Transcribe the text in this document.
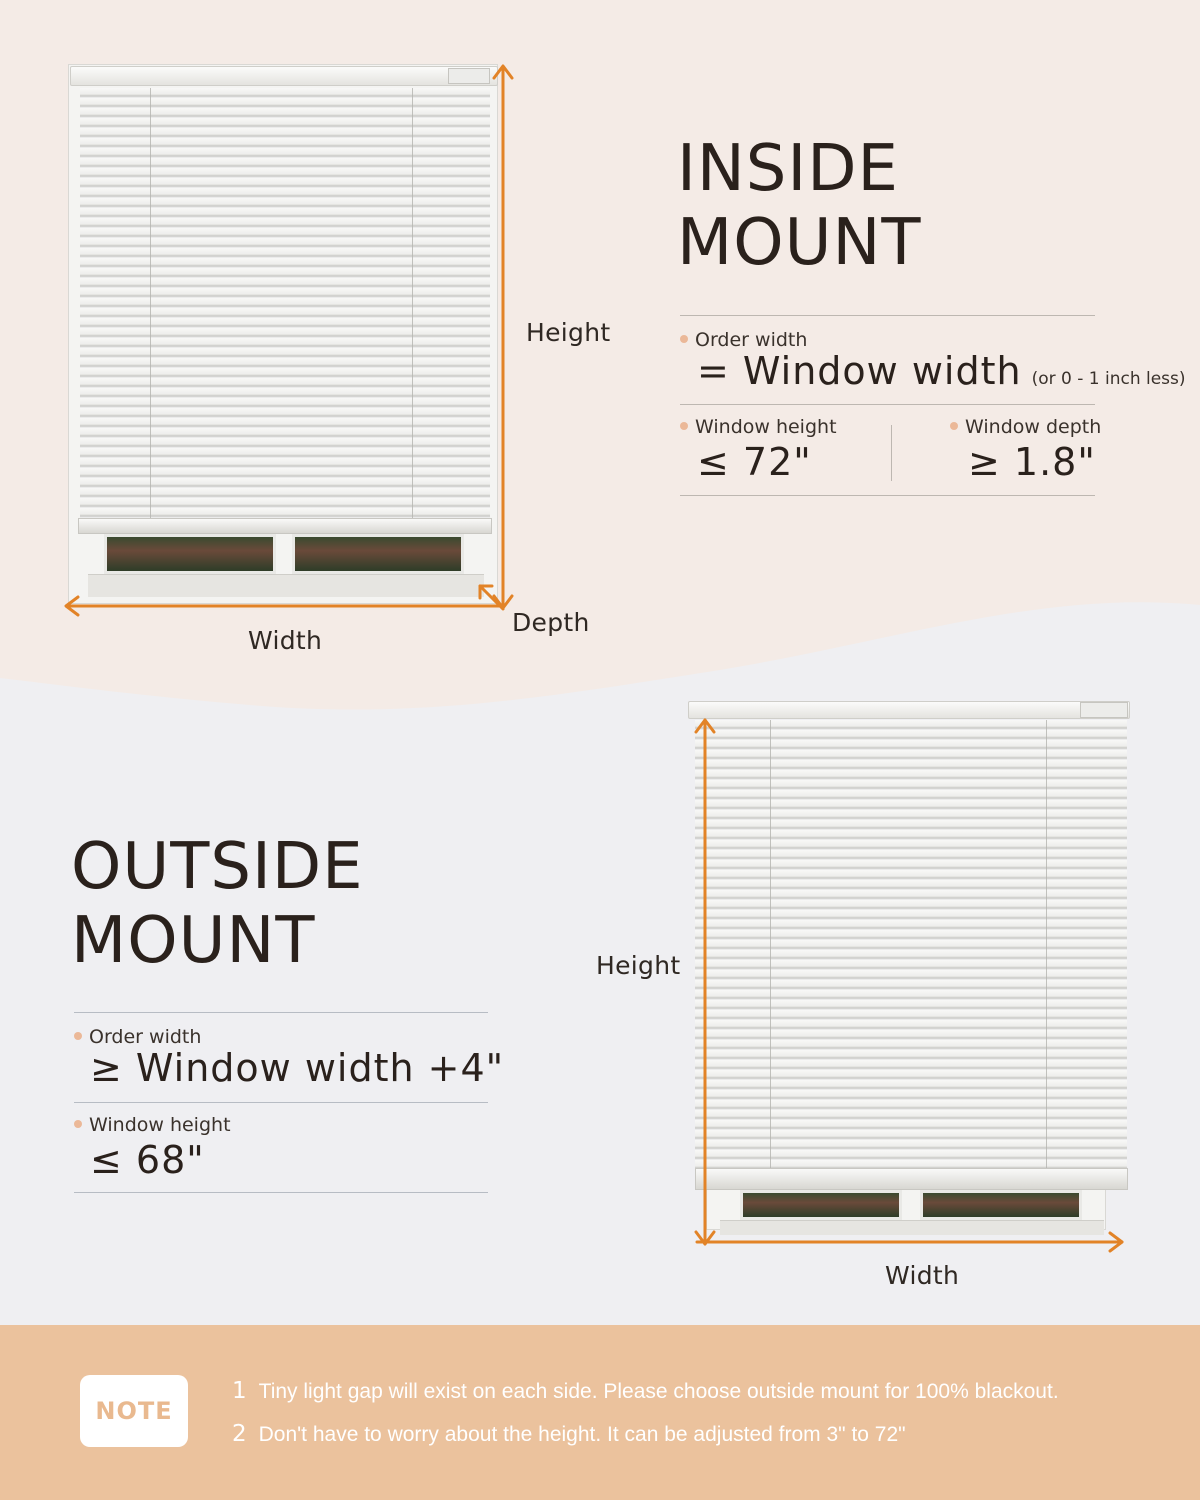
Height
Width
Depth
INSIDE
MOUNT
Order width
= Window width (or 0 - 1 inch less)
Window height
≤ 72"
Window depth
≥ 1.8"
Height
Width
OUTSIDE
MOUNT
Order width
≥ Window width +4"
Window height
≤ 68"
NOTE
1 Tiny light gap will exist on each side. Please choose outside mount for 100% blackout.
2 Don't have to worry about the height. It can be adjusted from 3" to 72"
